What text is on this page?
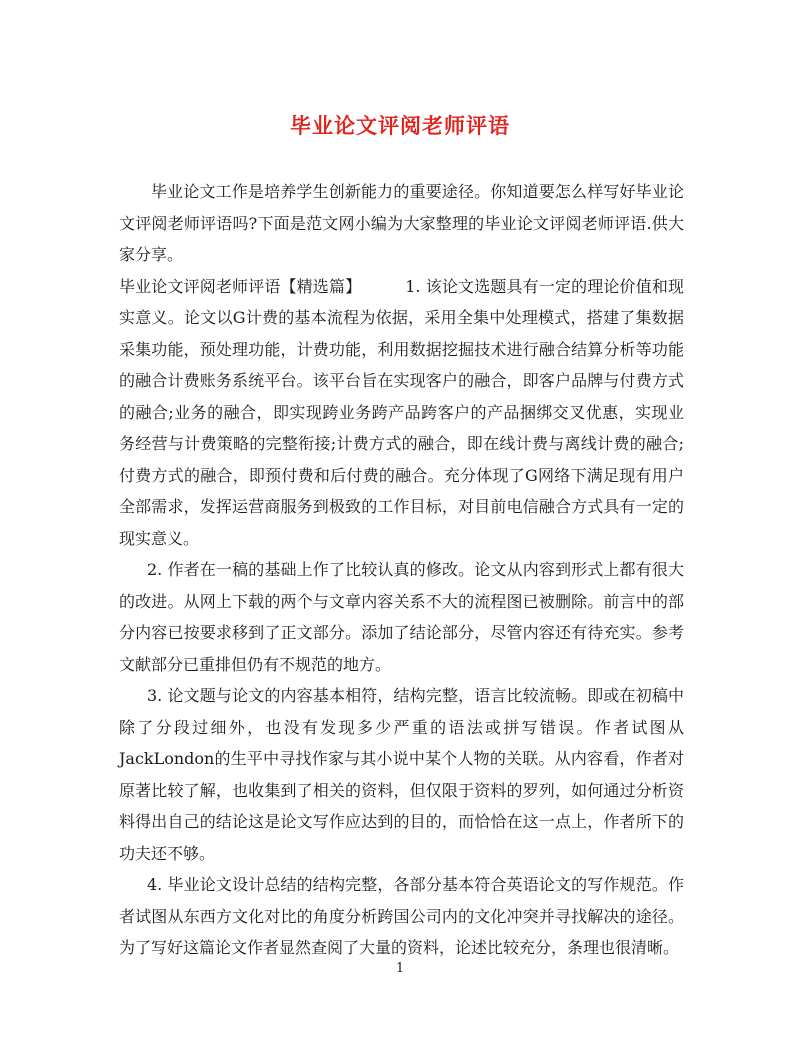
毕业论文评阅老师评语

毕业论文工作是培养学生创新能力的重要途径。你知道要怎么样写好毕业论文评阅老师评语吗?下面是范文网小编为大家整理的毕业论文评阅老师评语.供大家分享。

毕业论文评阅老师评语【精选篇】	1. 该论文选题具有一定的理论价值和现实意义。论文以G计费的基本流程为依据，采用全集中处理模式，搭建了集数据采集功能，预处理功能，计费功能，利用数据挖掘技术进行融合结算分析等功能的融合计费账务系统平台。该平台旨在实现客户的融合，即客户品牌与付费方式的融合;业务的融合，即实现跨业务跨产品跨客户的产品捆绑交叉优惠，实现业务经营与计费策略的完整衔接;计费方式的融合，即在线计费与离线计费的融合;付费方式的融合，即预付费和后付费的融合。充分体现了G网络下满足现有用户全部需求，发挥运营商服务到极致的工作目标，对目前电信融合方式具有一定的现实意义。

2. 作者在一稿的基础上作了比较认真的修改。论文从内容到形式上都有很大的改进。从网上下载的两个与文章内容关系不大的流程图已被删除。前言中的部分内容已按要求移到了正文部分。添加了结论部分，尽管内容还有待充实。参考文献部分已重排但仍有不规范的地方。

3. 论文题与论文的内容基本相符，结构完整，语言比较流畅。即或在初稿中除了分段过细外，也没有发现多少严重的语法或拼写错误。作者试图从JackLondon的生平中寻找作家与其小说中某个人物的关联。从内容看，作者对原著比较了解，也收集到了相关的资料，但仅限于资料的罗列，如何通过分析资料得出自己的结论这是论文写作应达到的目的，而恰恰在这一点上，作者所下的功夫还不够。

4. 毕业论文设计总结的结构完整，各部分基本符合英语论文的写作规范。作者试图从东西方文化对比的角度分析跨国公司内的文化冲突并寻找解决的途径。为了写好这篇论文作者显然查阅了大量的资料，论述比较充分，条理也很清晰。

1
